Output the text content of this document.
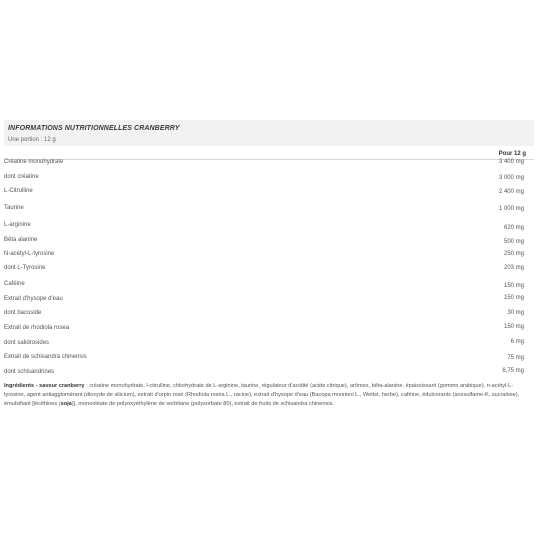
INFORMATIONS NUTRITIONNELLES CRANBERRY
Une portion : 12 g
Pour 12 g
Créatine monohydrate	3 400 mg
dont créatine	3 000 mg
L-Citrulline	2 400 mg
Taurine	1 000 mg
L-arginine	620 mg
Bêta alanine	500 mg
N-acétyl-L-tyrosine	250 mg
dont L-Tyrosine	203 mg
Caféine	150 mg
Extrait d'hysope d'eau	150 mg
dont bacoside	30 mg
Extrait de rhodiola rosea	150 mg
dont salidrosides	6 mg
Extrait de schisandra chinensis	75 mg
dont schisandrines	6,75 mg
Ingrédients - saveur cranberry : créatine monohydrate, l-citrulline, chlorhydrate de L-arginine, taurine, régulateur d'acidité (acide citrique), arômes, bêta-alanine, épaississant (gomme arabique), n-acétyl-L-tyrosine, agent antiagglomérant (dioxyde de silicium), extrait d'orpin rose (Rhodiola rosea L., racine), extrait d'hysope d'eau (Bacopa monnieri L., Wettst, herbe), caféine, édulcorants (acesulfame-K, sucralose), émulsifiant [lécithines (soja)], monooléate de polyoxyéthylène de sorbitane (polysorbate 80), extrait de fruits de schisandra chinensis.
